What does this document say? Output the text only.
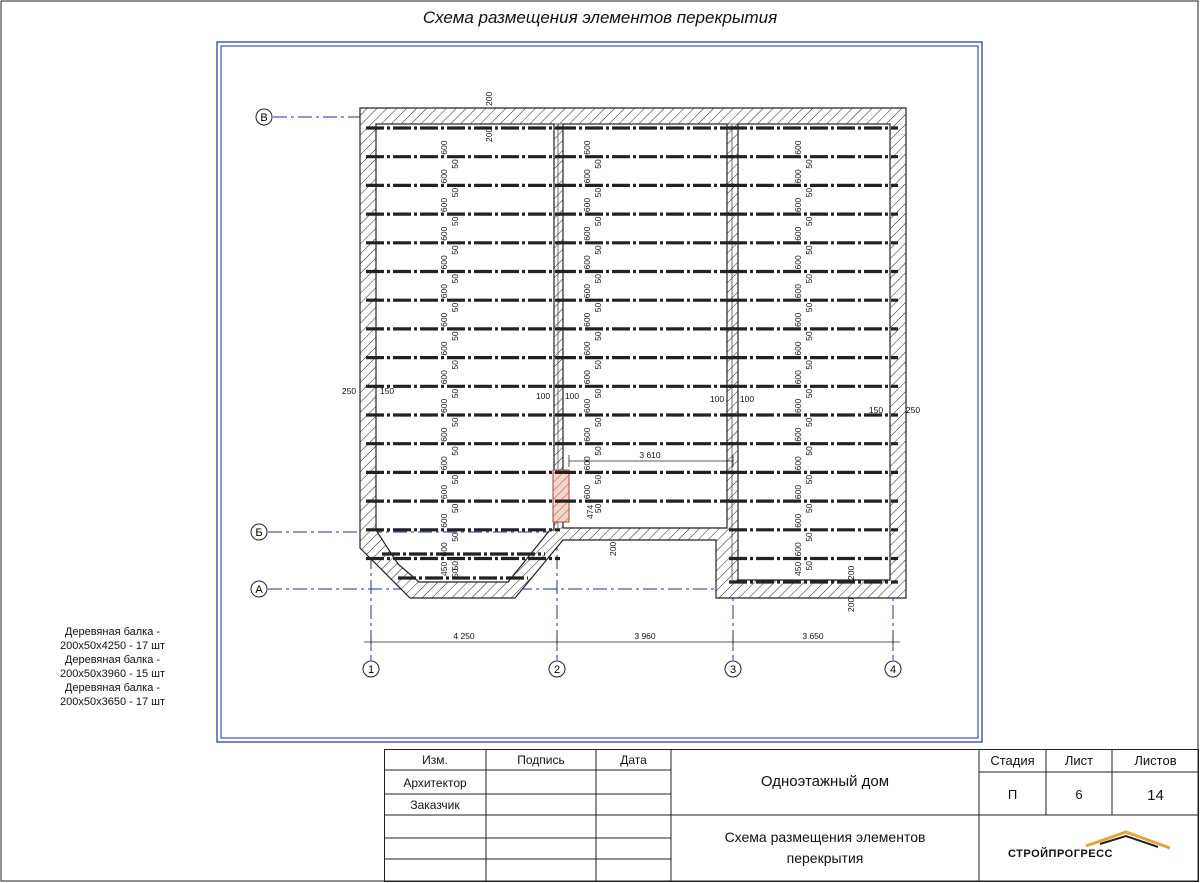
Схема размещения элементов перекрытия
В
Б
А
1	2	3	4
4 250	3 960	3 650
3 610
250	150
150	250
100 100	100 100
200
200
200
200
200
474
600
50
600
50
600
50
600
50
600
50
600
50
600
50
600
50
600
50
600
50
600
50
600
50
600
50
600
50
600
50
600
50
600
50
600
50
600
50
600
50
600
50
600
50
600
50
600
50
600
50
600
50
600
50
600
50
600
50
600
50
600
50
600
50
600
50
600
50
600
50
600
50
600
50
600
50
600
50
600
50
600
50
600
50
600
50
450 50	450
Деревяная балка -
200х50х4250 - 17 шт
Деревяная балка -
200х50х3960 - 15 шт
Деревяная балка -
200х50х3650 - 17 шт
Изм.	Подпись	Дата
Архитектор
Заказчик
Одноэтажный дом
Схема размещения элементов
перекрытия
Стадия	Лист	Листов
П	6	14
СТРОЙПРОГРЕСС
